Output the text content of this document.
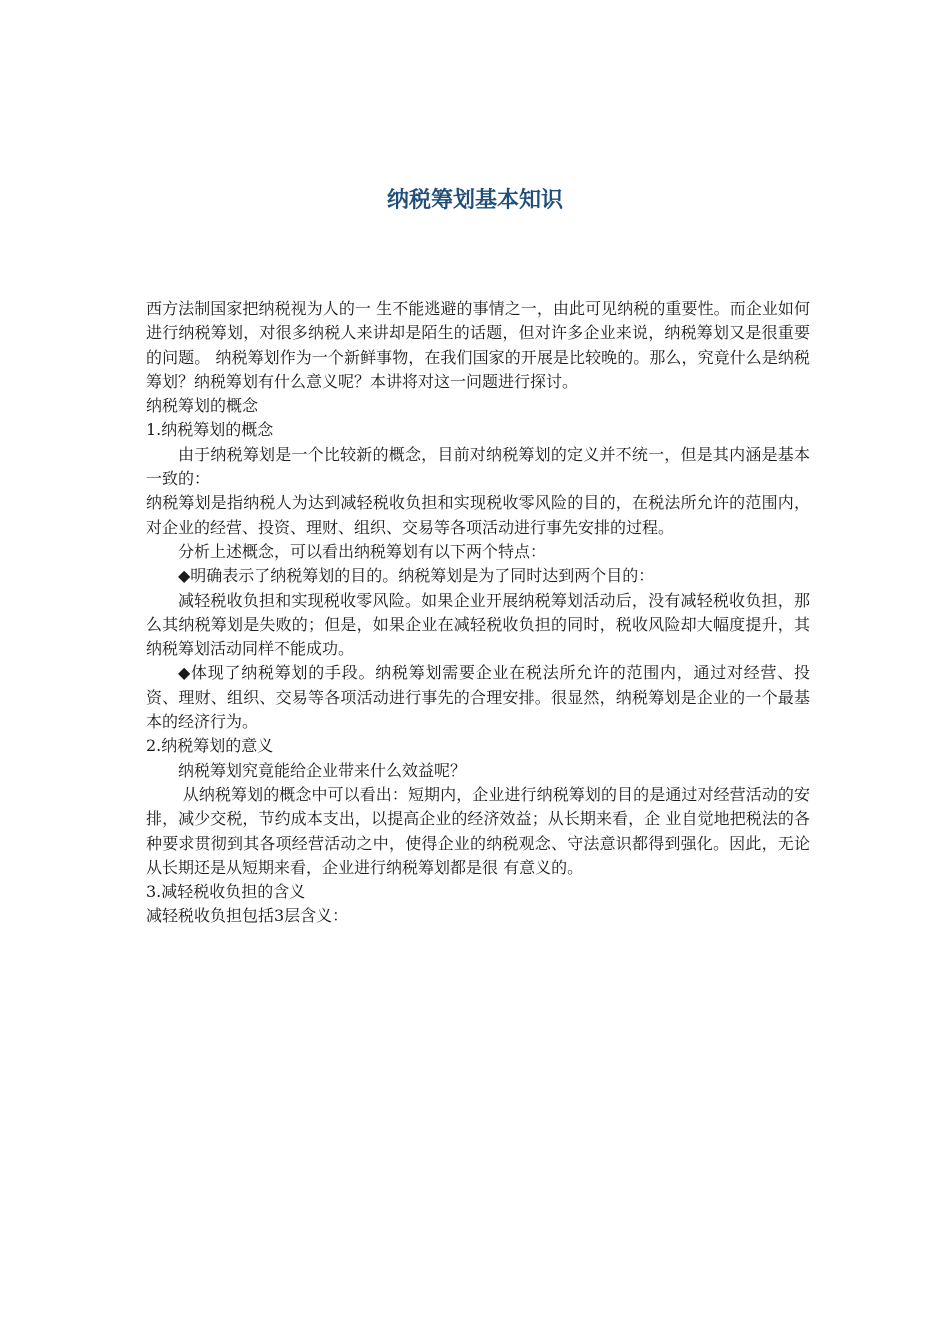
纳税筹划基本知识

西方法制国家把纳税视为人的一 生不能逃避的事情之一，由此可见纳税的重要性。而企业如何进行纳税筹划，对很多纳税人来讲却是陌生的话题，但对许多企业来说，纳税筹划又是很重要的问题。 纳税筹划作为一个新鲜事物，在我们国家的开展是比较晚的。那么，究竟什么是纳税筹划？纳税筹划有什么意义呢？本讲将对这一问题进行探讨。

纳税筹划的概念

1.纳税筹划的概念

由于纳税筹划是一个比较新的概念，目前对纳税筹划的定义并不统一，但是其内涵是基本一致的：

纳税筹划是指纳税人为达到减轻税收负担和实现税收零风险的目的，在税法所允许的范围内，对企业的经营、投资、理财、组织、交易等各项活动进行事先安排的过程。

分析上述概念，可以看出纳税筹划有以下两个特点：

◆明确表示了纳税筹划的目的。纳税筹划是为了同时达到两个目的：

减轻税收负担和实现税收零风险。如果企业开展纳税筹划活动后，没有减轻税收负担，那么其纳税筹划是失败的；但是，如果企业在减轻税收负担的同时，税收风险却大幅度提升，其纳税筹划活动同样不能成功。

◆体现了纳税筹划的手段。纳税筹划需要企业在税法所允许的范围内，通过对经营、投资、理财、组织、交易等各项活动进行事先的合理安排。很显然，纳税筹划是企业的一个最基本的经济行为。

2.纳税筹划的意义

纳税筹划究竟能给企业带来什么效益呢？

从纳税筹划的概念中可以看出：短期内，企业进行纳税筹划的目的是通过对经营活动的安排，减少交税，节约成本支出，以提高企业的经济效益；从长期来看，企 业自觉地把税法的各种要求贯彻到其各项经营活动之中，使得企业的纳税观念、守法意识都得到强化。因此，无论从长期还是从短期来看，企业进行纳税筹划都是很 有意义的。

3.减轻税收负担的含义

减轻税收负担包括3层含义：
